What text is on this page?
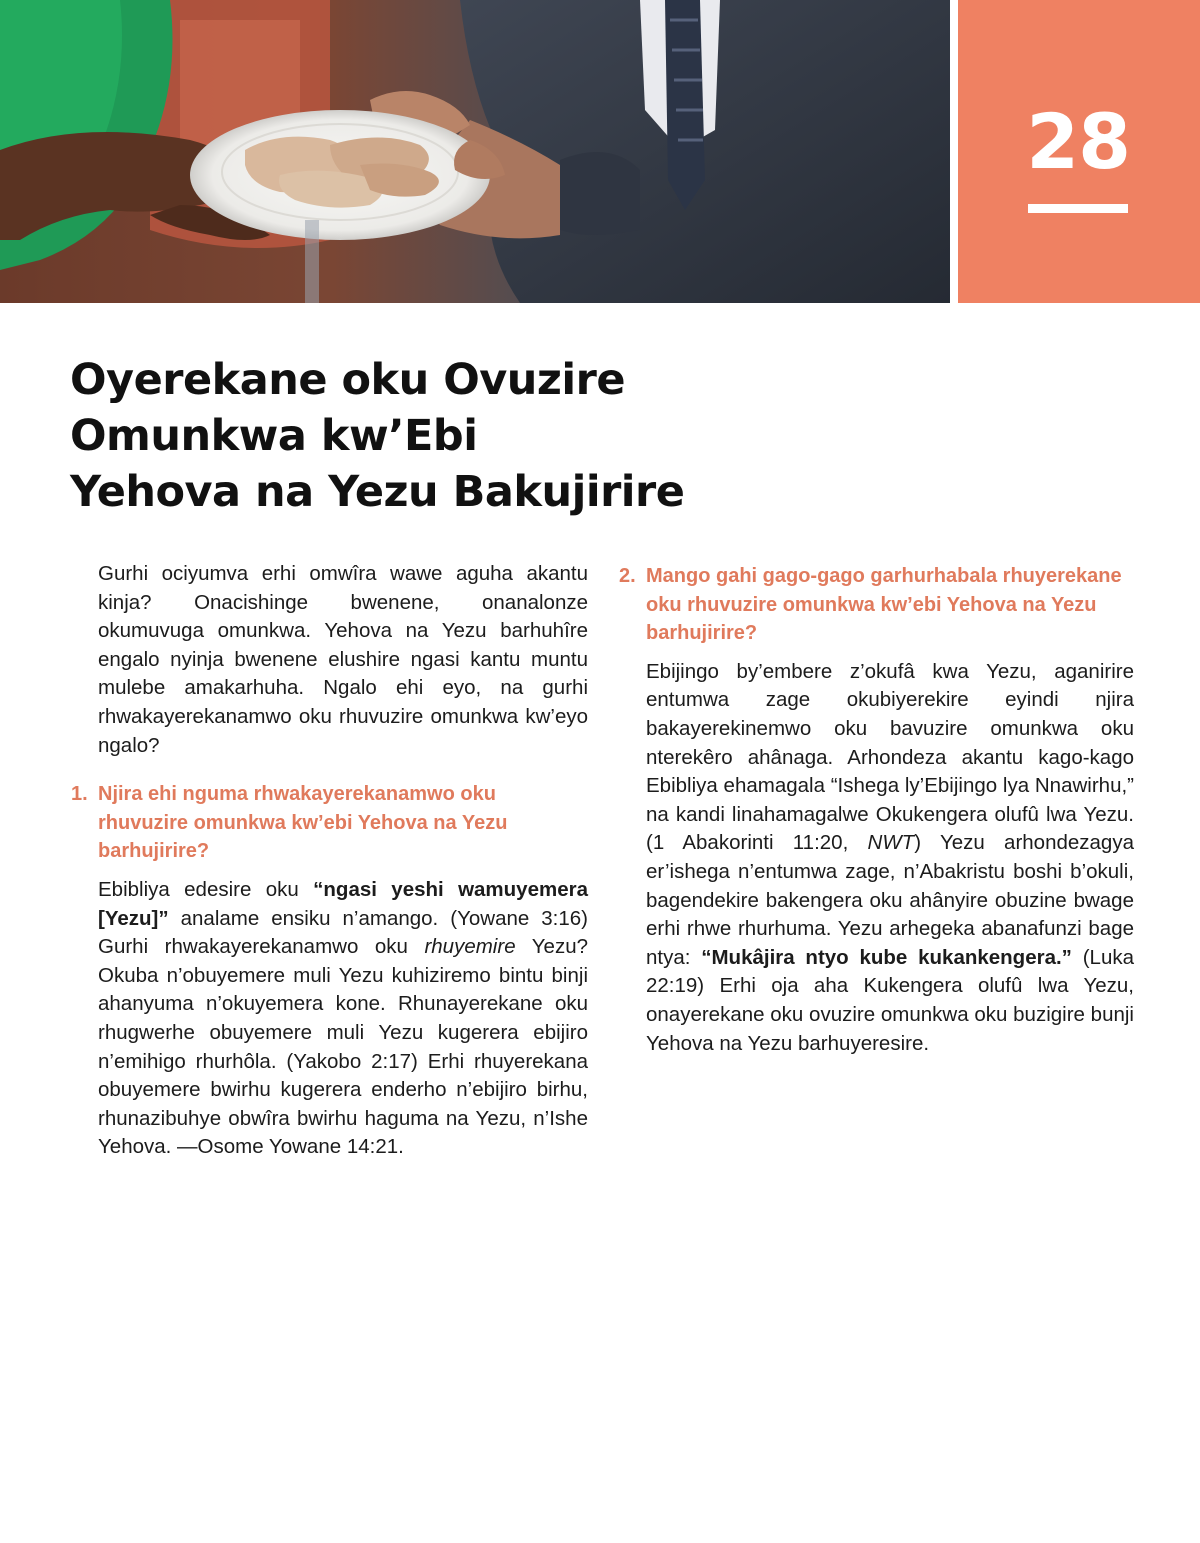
28
Oyerekane oku Ovuzire
Omunkwa kw’Ebi
Yehova na Yezu Bakujirire

Gurhi ociyumva erhi omwîra wawe aguha akantu kinja? Onacishinge bwenene, onanalonze okumuvuga omunkwa. Yehova na Yezu barhuhîre engalo nyinja bwenene elushire ngasi kantu muntu mulebe amakarhuha. Ngalo ehi eyo, na gurhi rhwakayerekanamwo oku rhuvuzire omunkwa kw’eyo ngalo?

1. Njira ehi nguma rhwakayerekanamwo oku rhuvuzire omunkwa kw’ebi Yehova na Yezu barhujirire?

Ebibliya edesire oku “ngasi yeshi wamuyemera [Yezu]” analame ensiku n’amango. (Yowane 3:16) Gurhi rhwakayerekanamwo oku rhuyemire Yezu? Okuba n’obuyemere muli Yezu kuhiziremo bintu binji ahanyuma n’okuyemera kone. Rhunayerekane oku rhugwerhe obuyemere muli Yezu kugerera ebijiro n’emihigo rhurhôla. (Yakobo 2:17) Erhi rhuyerekana obuyemere bwirhu kugerera enderho n’ebijiro birhu, rhunazibuhye obwîra bwirhu haguma na Yezu, n’Ishe Yehova. —Osome Yowane 14:21.

2. Mango gahi gago-gago garhurhabala rhuyerekane oku rhuvuzire omunkwa kw’ebi Yehova na Yezu barhujirire?

Ebijingo by’embere z’okufâ kwa Yezu, aganirire entumwa zage okubiyerekire eyindi njira bakayerekinemwo oku bavuzire omunkwa oku nterekêro ahânaga. Arhondeza akantu kago-kago Ebibliya ehamagala “Ishega ly’Ebijingo lya Nnawirhu,” na kandi linahamagalwe Okukengera olufû lwa Yezu. (1 Abakorinti 11:20, NWT) Yezu arhondezagya er’ishega n’entumwa zage, n’Abakristu boshi b’okuli, bagendekire bakengera oku ahânyire obuzine bwage erhi rhwe rhurhuma. Yezu arhegeka abanafunzi bage ntya: “Mukâjira ntyo kube kukankengera.” (Luka 22:19) Erhi oja aha Kukengera olufû lwa Yezu, onayerekane oku ovuzire omunkwa oku buzigire bunji Yehova na Yezu barhuyeresire.
